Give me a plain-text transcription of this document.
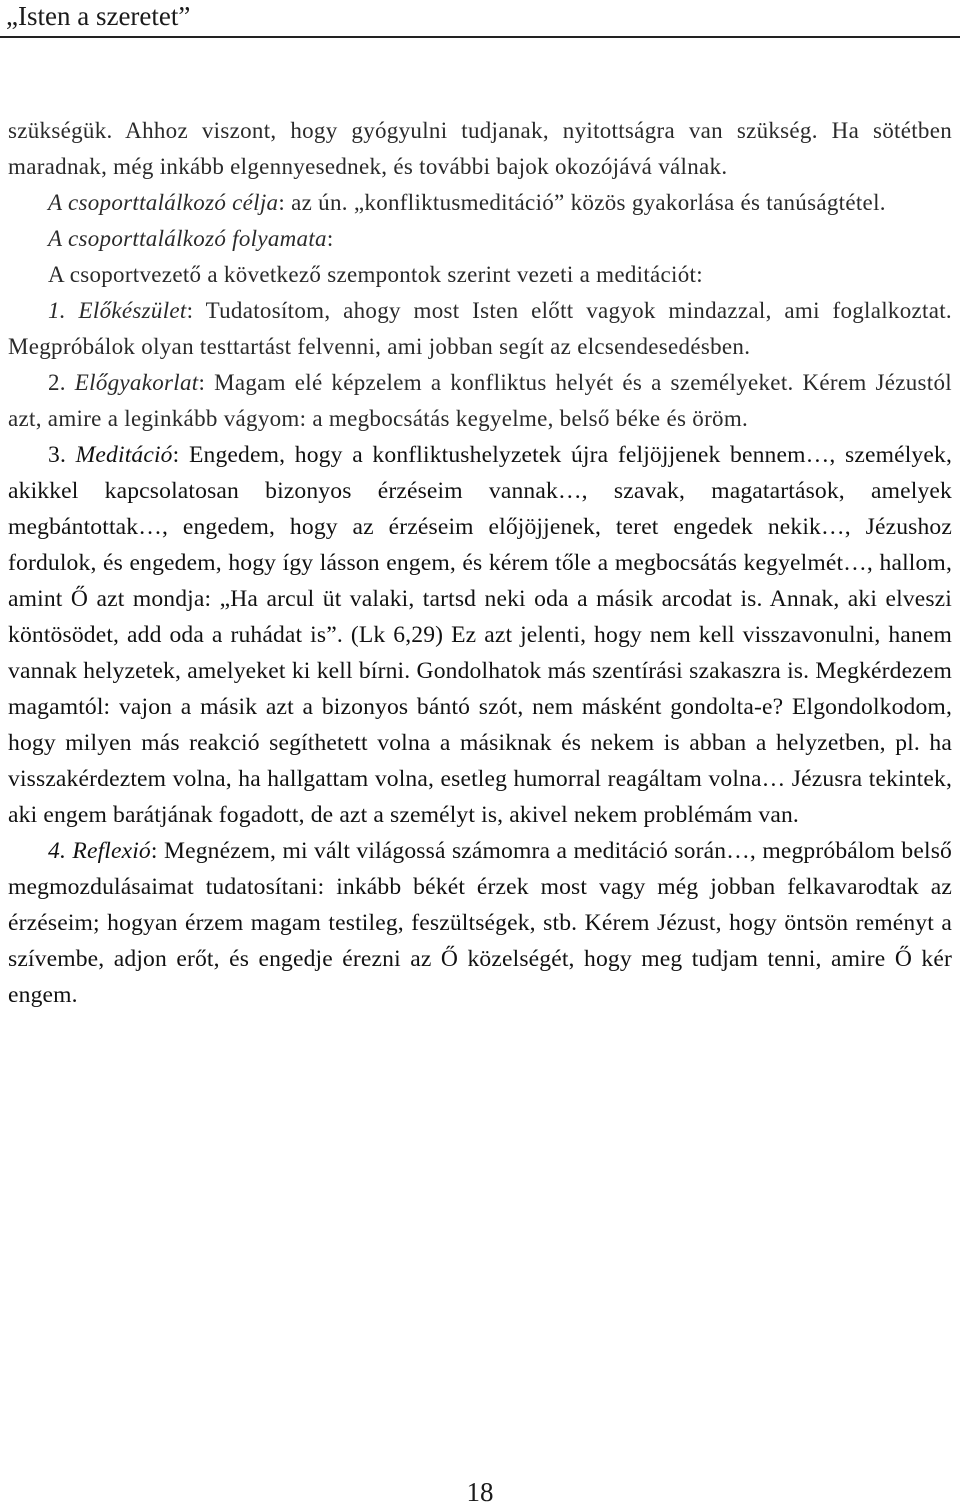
„Isten a szeretet”

szükségük. Ahhoz viszont, hogy gyógyulni tudjanak, nyitottságra van szükség. Ha sötétben maradnak, még inkább elgennyesednek, és további bajok okozójává válnak.

A csoporttalálkozó célja: az ún. „konfliktusmeditáció” közös gyakorlása és tanúságtétel.

A csoporttalálkozó folyamata:

A csoportvezető a következő szempontok szerint vezeti a meditációt:

1. Előkészület: Tudatosítom, ahogy most Isten előtt vagyok mindazzal, ami foglalkoztat. Megpróbálok olyan testtartást felvenni, ami jobban segít az elcsendesedésben.

2. Előgyakorlat: Magam elé képzelem a konfliktus helyét és a személyeket. Kérem Jézustól azt, amire a leginkább vágyom: a megbocsátás kegyelme, belső béke és öröm.

3. Meditáció: Engedem, hogy a konfliktushelyzetek újra feljöjjenek bennem…, személyek, akikkel kapcsolatosan bizonyos érzéseim vannak…, szavak, magatartások, amelyek megbántottak…, engedem, hogy az érzéseim előjöjjenek, teret engedek nekik…, Jézushoz fordulok, és engedem, hogy így lásson engem, és kérem tőle a megbocsátás kegyelmét…, hallom, amint Ő azt mondja: „Ha arcul üt valaki, tartsd neki oda a másik arcodat is. Annak, aki elveszi köntösödet, add oda a ruhádat is”. (Lk 6,29) Ez azt jelenti, hogy nem kell visszavonulni, hanem vannak helyzetek, amelyeket ki kell bírni. Gondolhatok más szentírási szakaszra is. Megkérdezem magamtól: vajon a másik azt a bizonyos bántó szót, nem másként gondolta-e? Elgondolkodom, hogy milyen más reakció segíthetett volna a másiknak és nekem is abban a helyzetben, pl. ha visszakérdeztem volna, ha hallgattam volna, esetleg humorral reagáltam volna… Jézusra tekintek, aki engem barátjának fogadott, de azt a személyt is, akivel nekem problémám van.

4. Reflexió: Megnézem, mi vált világossá számomra a meditáció során…, megpróbálom belső megmozdulásaimat tudatosítani: inkább békét érzek most vagy még jobban felkavarodtak az érzéseim; hogyan érzem magam testileg, feszültségek, stb. Kérem Jézust, hogy öntsön reményt a szívembe, adjon erőt, és engedje érezni az Ő közelségét, hogy meg tudjam tenni, amire Ő kér engem.

18
